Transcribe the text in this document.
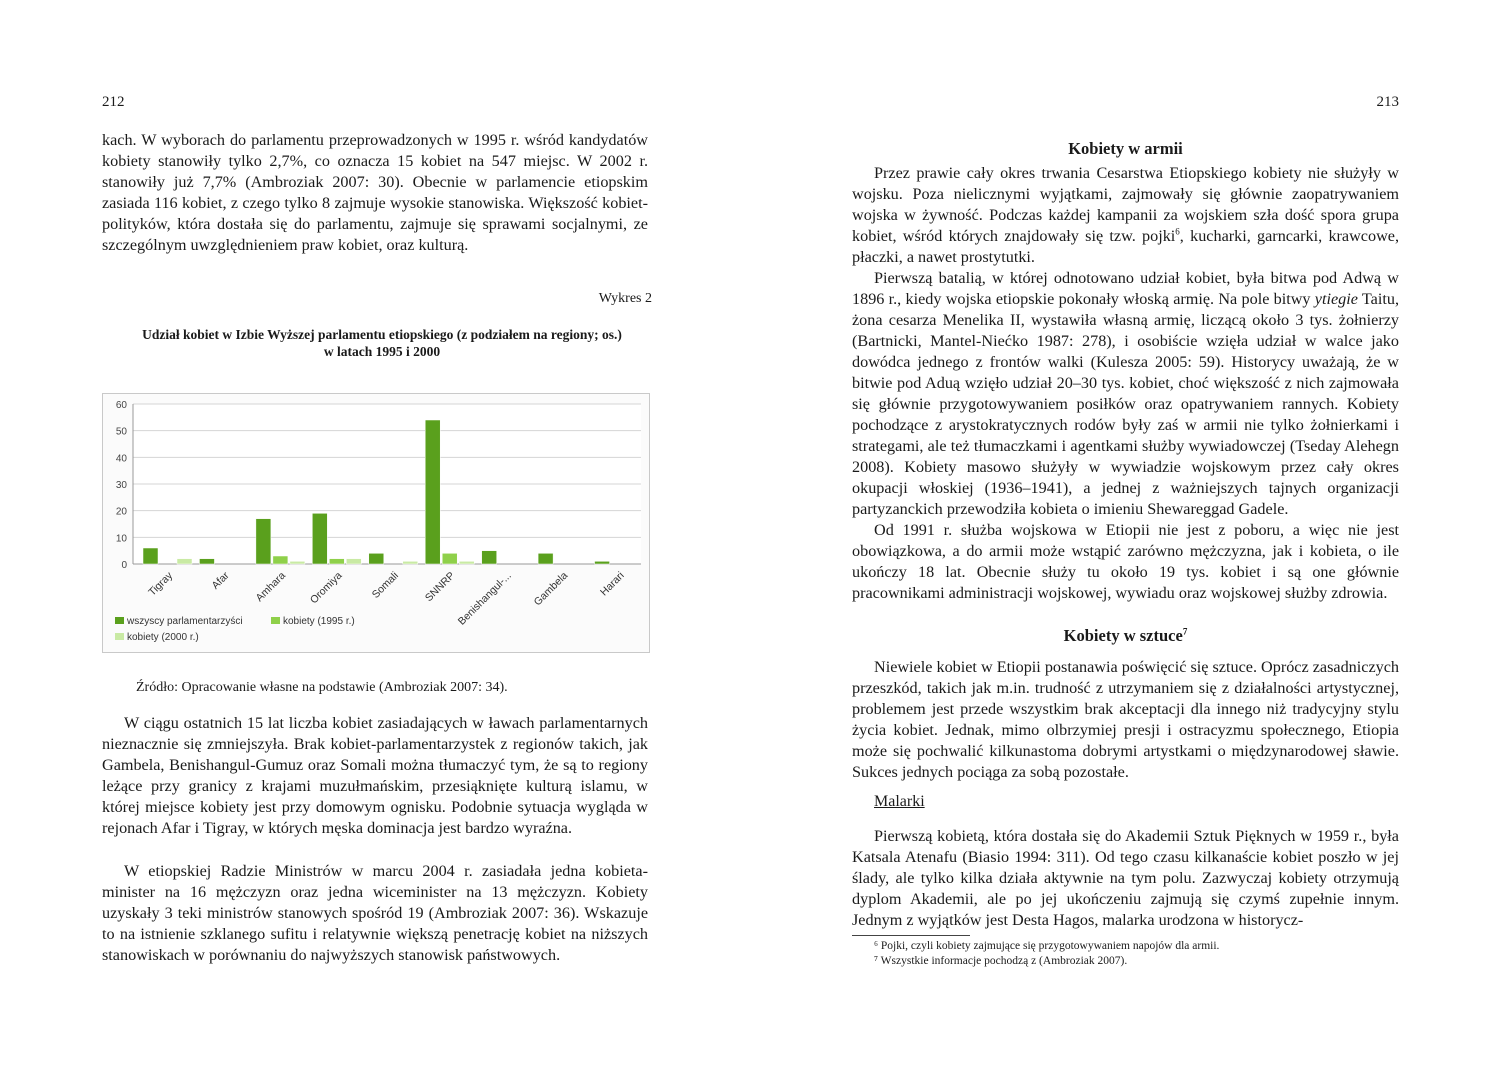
212

kach. W wyborach do parlamentu przeprowadzonych w 1995 r. wśród kandydatów kobiety stanowiły tylko 2,7%, co oznacza 15 kobiet na 547 miejsc. W 2002 r. stanowiły już 7,7% (Ambroziak 2007: 30). Obecnie w parlamencie etiopskim zasiada 116 kobiet, z czego tylko 8 zajmuje wysokie stanowiska. Większość kobiet-polityków, która dostała się do parlamentu, zajmuje się sprawami socjalnymi, ze szczególnym uwzględnieniem praw kobiet, oraz kulturą.

Wykres 2
Udział kobiet w Izbie Wyższej parlamentu etiopskiego (z podziałem na regiony; os.)
w latach 1995 i 2000
0
10
20
30
40
50
60
Tigray	Afar Amhara Oromiya Somali SNNRP
Benishangul-... Gambela	Harari
wszyscy parlamentarzyści	kobiety (1995 r.)
kobiety (2000 r.)
Źródło: Opracowanie własne na podstawie (Ambroziak 2007: 34).

W ciągu ostatnich 15 lat liczba kobiet zasiadających w ławach parlamentarnych nieznacznie się zmniejszyła. Brak kobiet-parlamentarzystek z regionów takich, jak Gambela, Benishangul-Gumuz oraz Somali można tłumaczyć tym, że są to regiony leżące przy granicy z krajami muzułmańskim, przesiąknięte kulturą islamu, w której miejsce kobiety jest przy domowym ognisku. Podobnie sytuacja wygląda w rejonach Afar i Tigray, w których męska dominacja jest bardzo wyraźna.

W etiopskiej Radzie Ministrów w marcu 2004 r. zasiadała jedna kobieta-minister na 16 mężczyzn oraz jedna wiceminister na 13 mężczyzn. Kobiety uzyskały 3 teki ministrów stanowych spośród 19 (Ambroziak 2007: 36). Wskazuje to na istnienie szklanego sufitu i relatywnie większą penetrację kobiet na niższych stanowiskach w porównaniu do najwyższych stanowisk państwowych.

213
Kobiety w armii

Przez prawie cały okres trwania Cesarstwa Etiopskiego kobiety nie służyły w wojsku. Poza nielicznymi wyjątkami, zajmowały się głównie zaopatrywaniem wojska w żywność. Podczas każdej kampanii za wojskiem szła dość spora grupa kobiet, wśród których znajdowały się tzw. pojki$^6$, kucharki, garncarki, krawcowe, płaczki, a nawet prostytutki.

Pierwszą batalią, w której odnotowano udział kobiet, była bitwa pod Adwą w 1896 r., kiedy wojska etiopskie pokonały włoską armię. Na pole bitwy ytiegie Taitu, żona cesarza Menelika II, wystawiła własną armię, liczącą około 3 tys. żołnierzy (Bartnicki, Mantel-Niećko 1987: 278), i osobiście wzięła udział w walce jako dowódca jednego z frontów walki (Kulesza 2005: 59). Historycy uważają, że w bitwie pod Aduą wzięło udział 20–30 tys. kobiet, choć większość z nich zajmowała się głównie przygotowywaniem posiłków oraz opatrywaniem rannych. Kobiety pochodzące z arystokratycznych rodów były zaś w armii nie tylko żołnierkami i strategami, ale też tłumaczkami i agentkami służby wywiadowczej (Tseday Alehegn 2008). Kobiety masowo służyły w wywiadzie wojskowym przez cały okres okupacji włoskiej (1936–1941), a jednej z ważniejszych tajnych organizacji partyzanckich przewodziła kobieta o imieniu Shewareggad Gadele.

Od 1991 r. służba wojskowa w Etiopii nie jest z poboru, a więc nie jest obowiązkowa, a do armii może wstąpić zarówno mężczyzna, jak i kobieta, o ile ukończy 18 lat. Obecnie służy tu około 19 tys. kobiet i są one głównie pracownikami administracji wojskowej, wywiadu oraz wojskowej służby zdrowia.

Kobiety w sztuce$^7$

Niewiele kobiet w Etiopii postanawia poświęcić się sztuce. Oprócz zasadniczych przeszkód, takich jak m.in. trudność z utrzymaniem się z działalności artystycznej, problemem jest przede wszystkim brak akceptacji dla innego niż tradycyjny stylu życia kobiet. Jednak, mimo olbrzymiej presji i ostracyzmu społecznego, Etiopia może się pochwalić kilkunastoma dobrymi artystkami o międzynarodowej sławie. Sukces jednych pociąga za sobą pozostałe.

Malarki

Pierwszą kobietą, która dostała się do Akademii Sztuk Pięknych w 1959 r., była Katsala Atenafu (Biasio 1994: 311). Od tego czasu kilkanaście kobiet poszło w jej ślady, ale tylko kilka działa aktywnie na tym polu. Zazwyczaj kobiety otrzymują dyplom Akademii, ale po jej ukończeniu zajmują się czymś zupełnie innym. Jednym z wyjątków jest Desta Hagos, malarka urodzona w historycz-

⁶ Pojki, czyli kobiety zajmujące się przygotowywaniem napojów dla armii.
⁷ Wszystkie informacje pochodzą z (Ambroziak 2007).
